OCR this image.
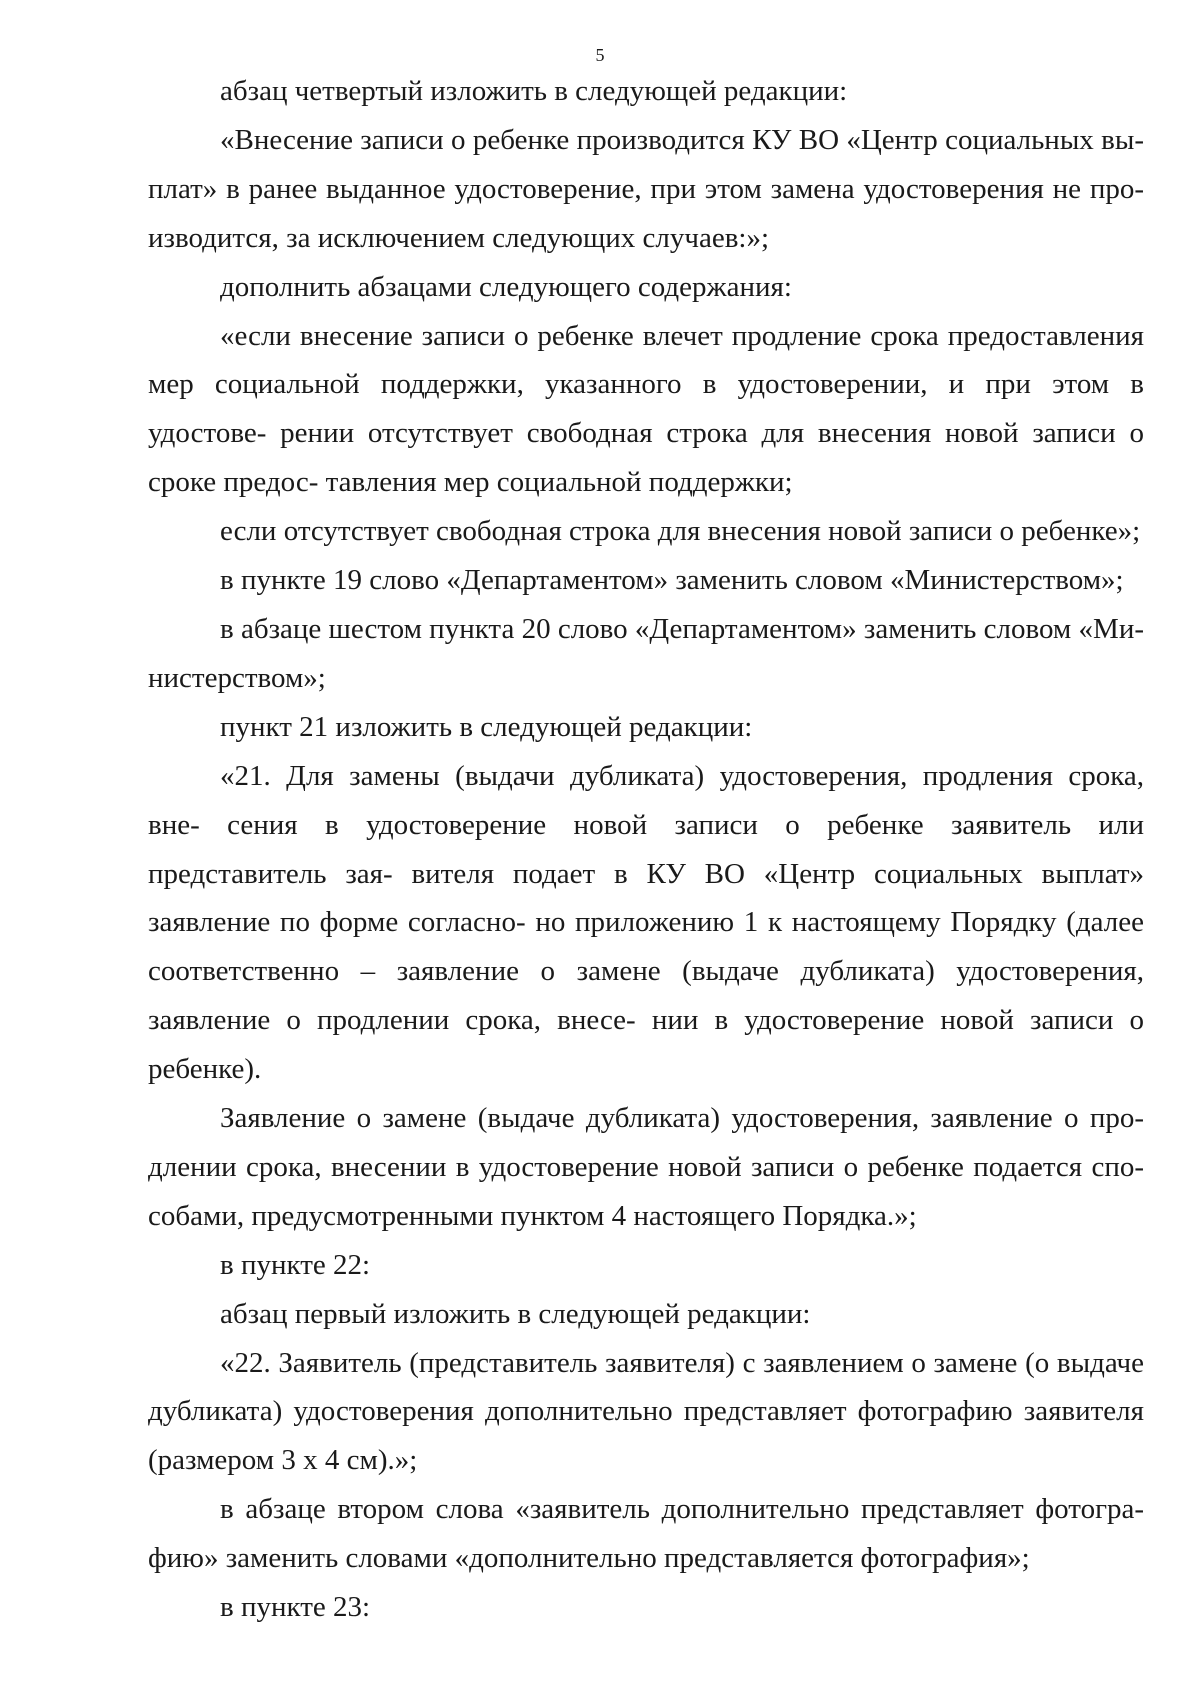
5

абзац четвертый изложить в следующей редакции:

«Внесение записи о ребенке производится КУ ВО «Центр социальных вы- плат» в ранее выданное удостоверение, при этом замена удостоверения не про- изводится, за исключением следующих случаев:»;

дополнить абзацами следующего содержания:

«если внесение записи о ребенке влечет продление срока предоставления мер социальной поддержки, указанного в удостоверении, и при этом в удостове- рении отсутствует свободная строка для внесения новой записи о сроке предос- тавления мер социальной поддержки;

если отсутствует свободная строка для внесения новой записи о ребенке»;

в пункте 19 слово «Департаментом» заменить словом «Министерством»;

в абзаце шестом пункта 20 слово «Департаментом» заменить словом «Ми- нистерством»;

пункт 21 изложить в следующей редакции:

«21. Для замены (выдачи дубликата) удостоверения, продления срока, вне- сения в удостоверение новой записи о ребенке заявитель или представитель зая- вителя подает в КУ ВО «Центр социальных выплат» заявление по форме согласно- но приложению 1 к настоящему Порядку (далее соответственно – заявление о замене (выдаче дубликата) удостоверения, заявление о продлении срока, внесе- нии в удостоверение новой записи о ребенке).

Заявление о замене (выдаче дубликата) удостоверения, заявление о про- длении срока, внесении в удостоверение новой записи о ребенке подается спо- собами, предусмотренными пунктом 4 настоящего Порядка.»;

в пункте 22:

абзац первый изложить в следующей редакции:

«22. Заявитель (представитель заявителя) с заявлением о замене (о выдаче дубликата) удостоверения дополнительно представляет фотографию заявителя (размером 3 х 4 см).»;

в абзаце втором слова «заявитель дополнительно представляет фотогра- фию» заменить словами «дополнительно представляется фотография»;

в пункте 23:
